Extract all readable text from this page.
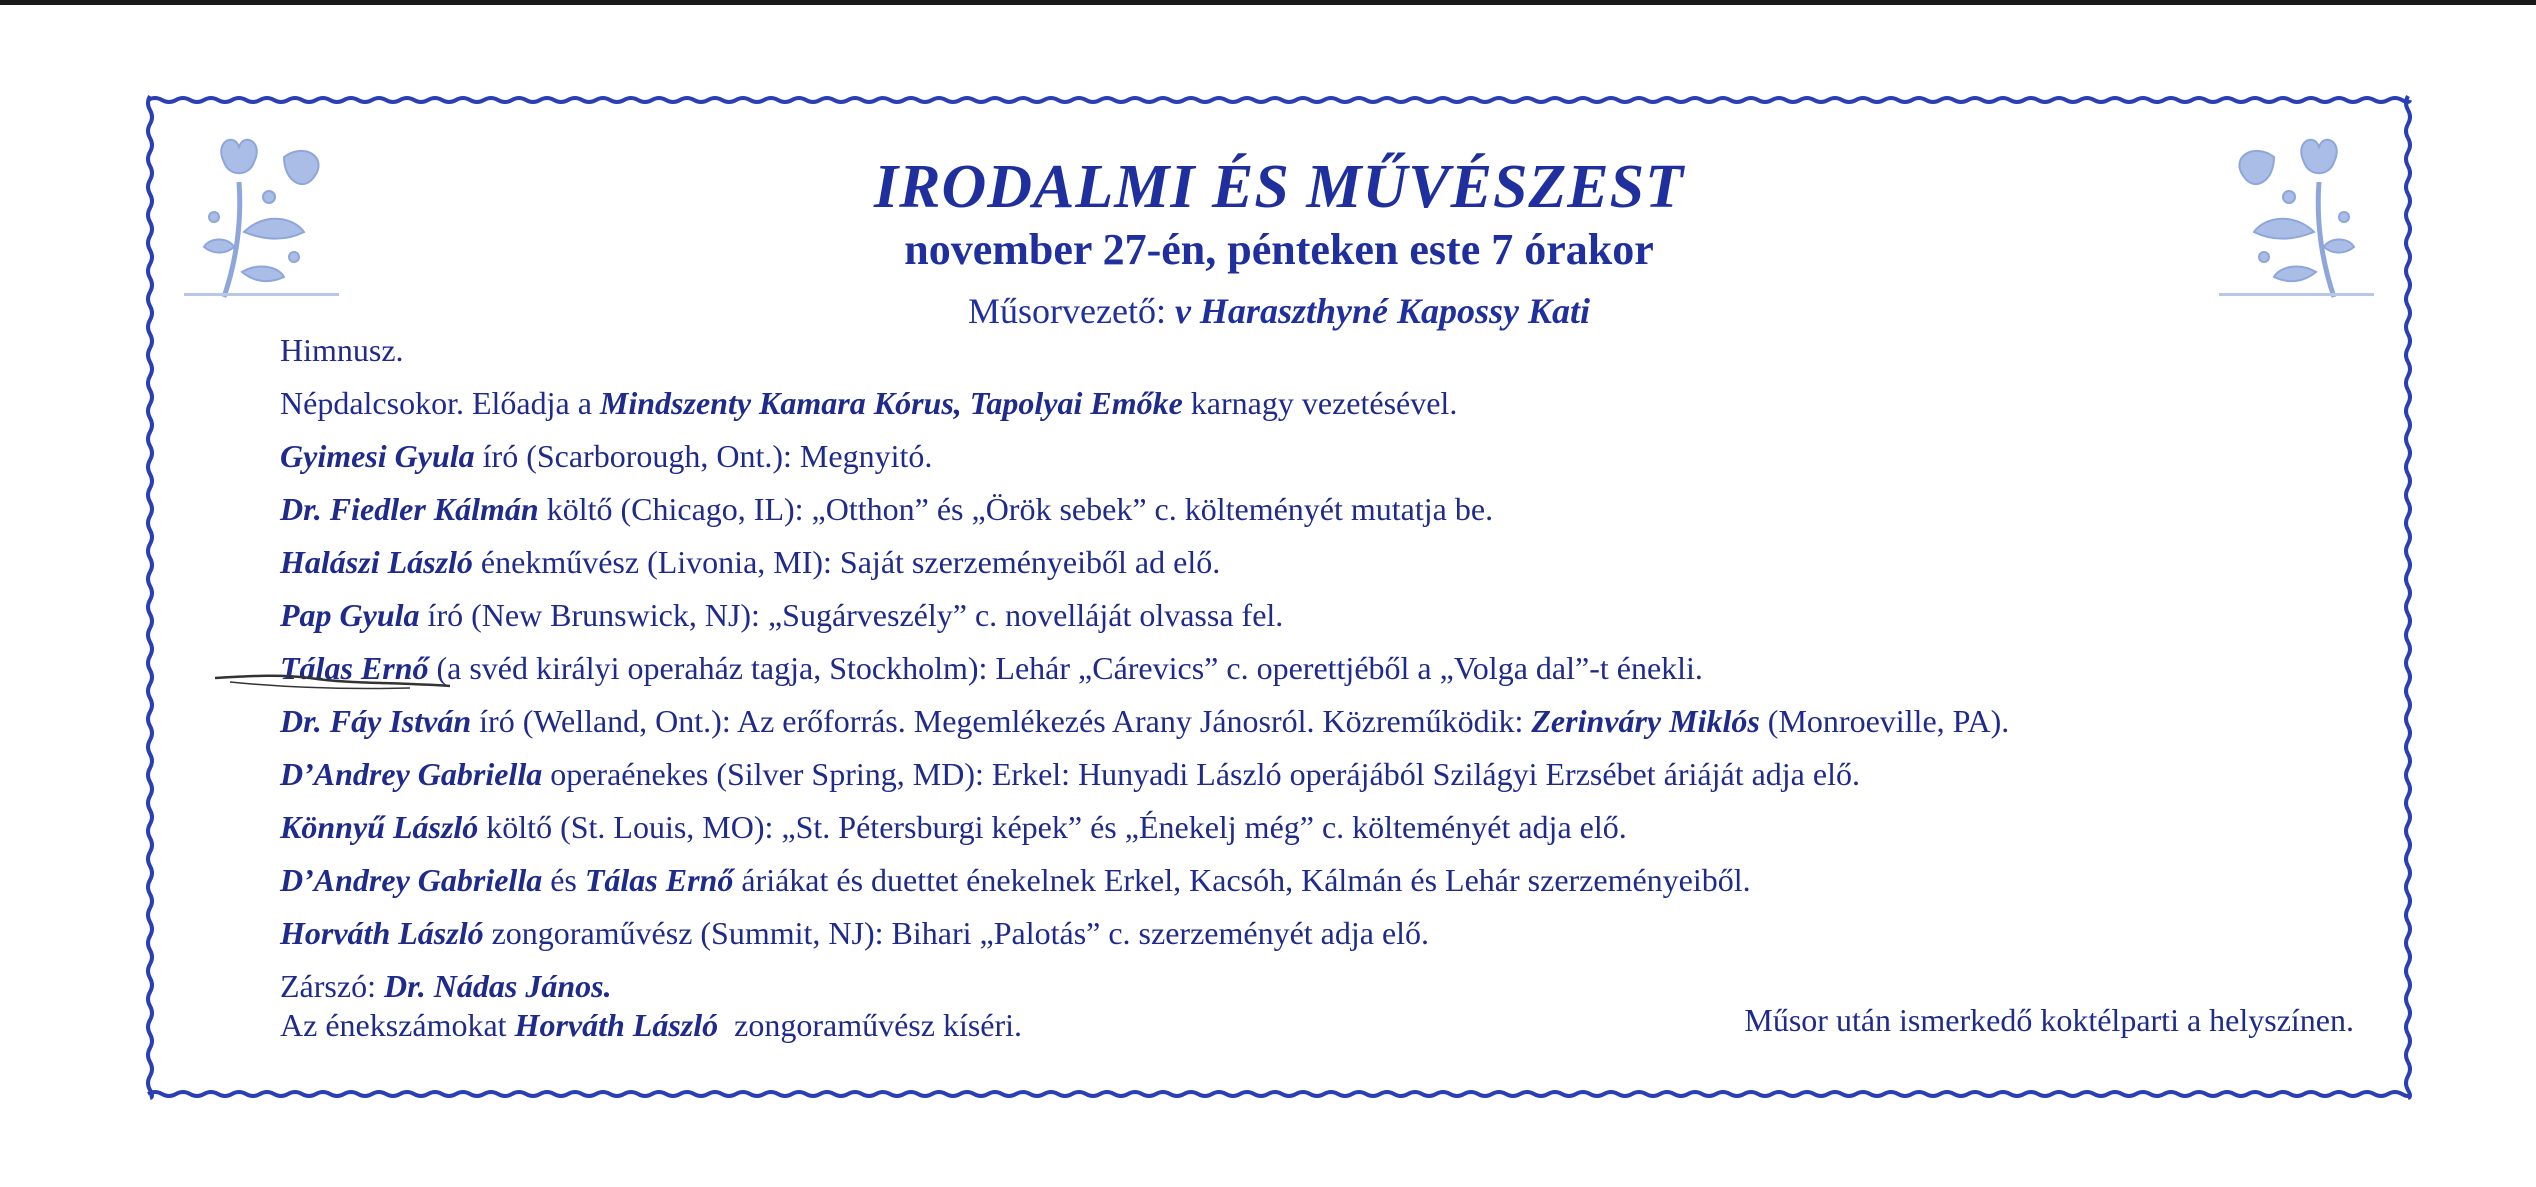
IRODALMI ÉS MŰVÉSZEST
november 27-én, pénteken este 7 órakor
Műsorvezető: v Haraszthyné Kapossy Kati
Himnusz.
Népdalcsokor. Előadja a Mindszenty Kamara Kórus, Tapolyai Emőke karnagy vezetésével.
Gyimesi Gyula író (Scarborough, Ont.): Megnyitó.
Dr. Fiedler Kálmán költő (Chicago, IL): „Otthon” és „Örök sebek” c. költeményét mutatja be.
Halászi László énekművész (Livonia, MI): Saját szerzeményeiből ad elő.
Pap Gyula író (New Brunswick, NJ): „Sugárveszély” c. novelláját olvassa fel.
Tálas Ernő (a svéd királyi operaház tagja, Stockholm): Lehár „Cárevics” c. operettjéből a „Volga dal”-t énekli.
Dr. Fáy István író (Welland, Ont.): Az erőforrás. Megemlékezés Arany Jánosról. Közreműködik: Zerinváry Miklós (Monroeville, PA).
D’Andrey Gabriella operaénekes (Silver Spring, MD): Erkel: Hunyadi László operájából Szilágyi Erzsébet áriáját adja elő.
Könnyű László költő (St. Louis, MO): „St. Pétersburgi képek” és „Énekelj még” c. költeményét adja elő.
D’Andrey Gabriella és Tálas Ernő áriákat és duettet énekelnek Erkel, Kacsóh, Kálmán és Lehár szerzeményeiből.
Horváth László zongoraművész (Summit, NJ): Bihari „Palotás” c. szerzeményét adja elő.
Zárszó: Dr. Nádas János.
Az énekszámokat Horváth László  zongoraművész kíséri.	Műsor után ismerkedő koktélparti a helyszínen.
